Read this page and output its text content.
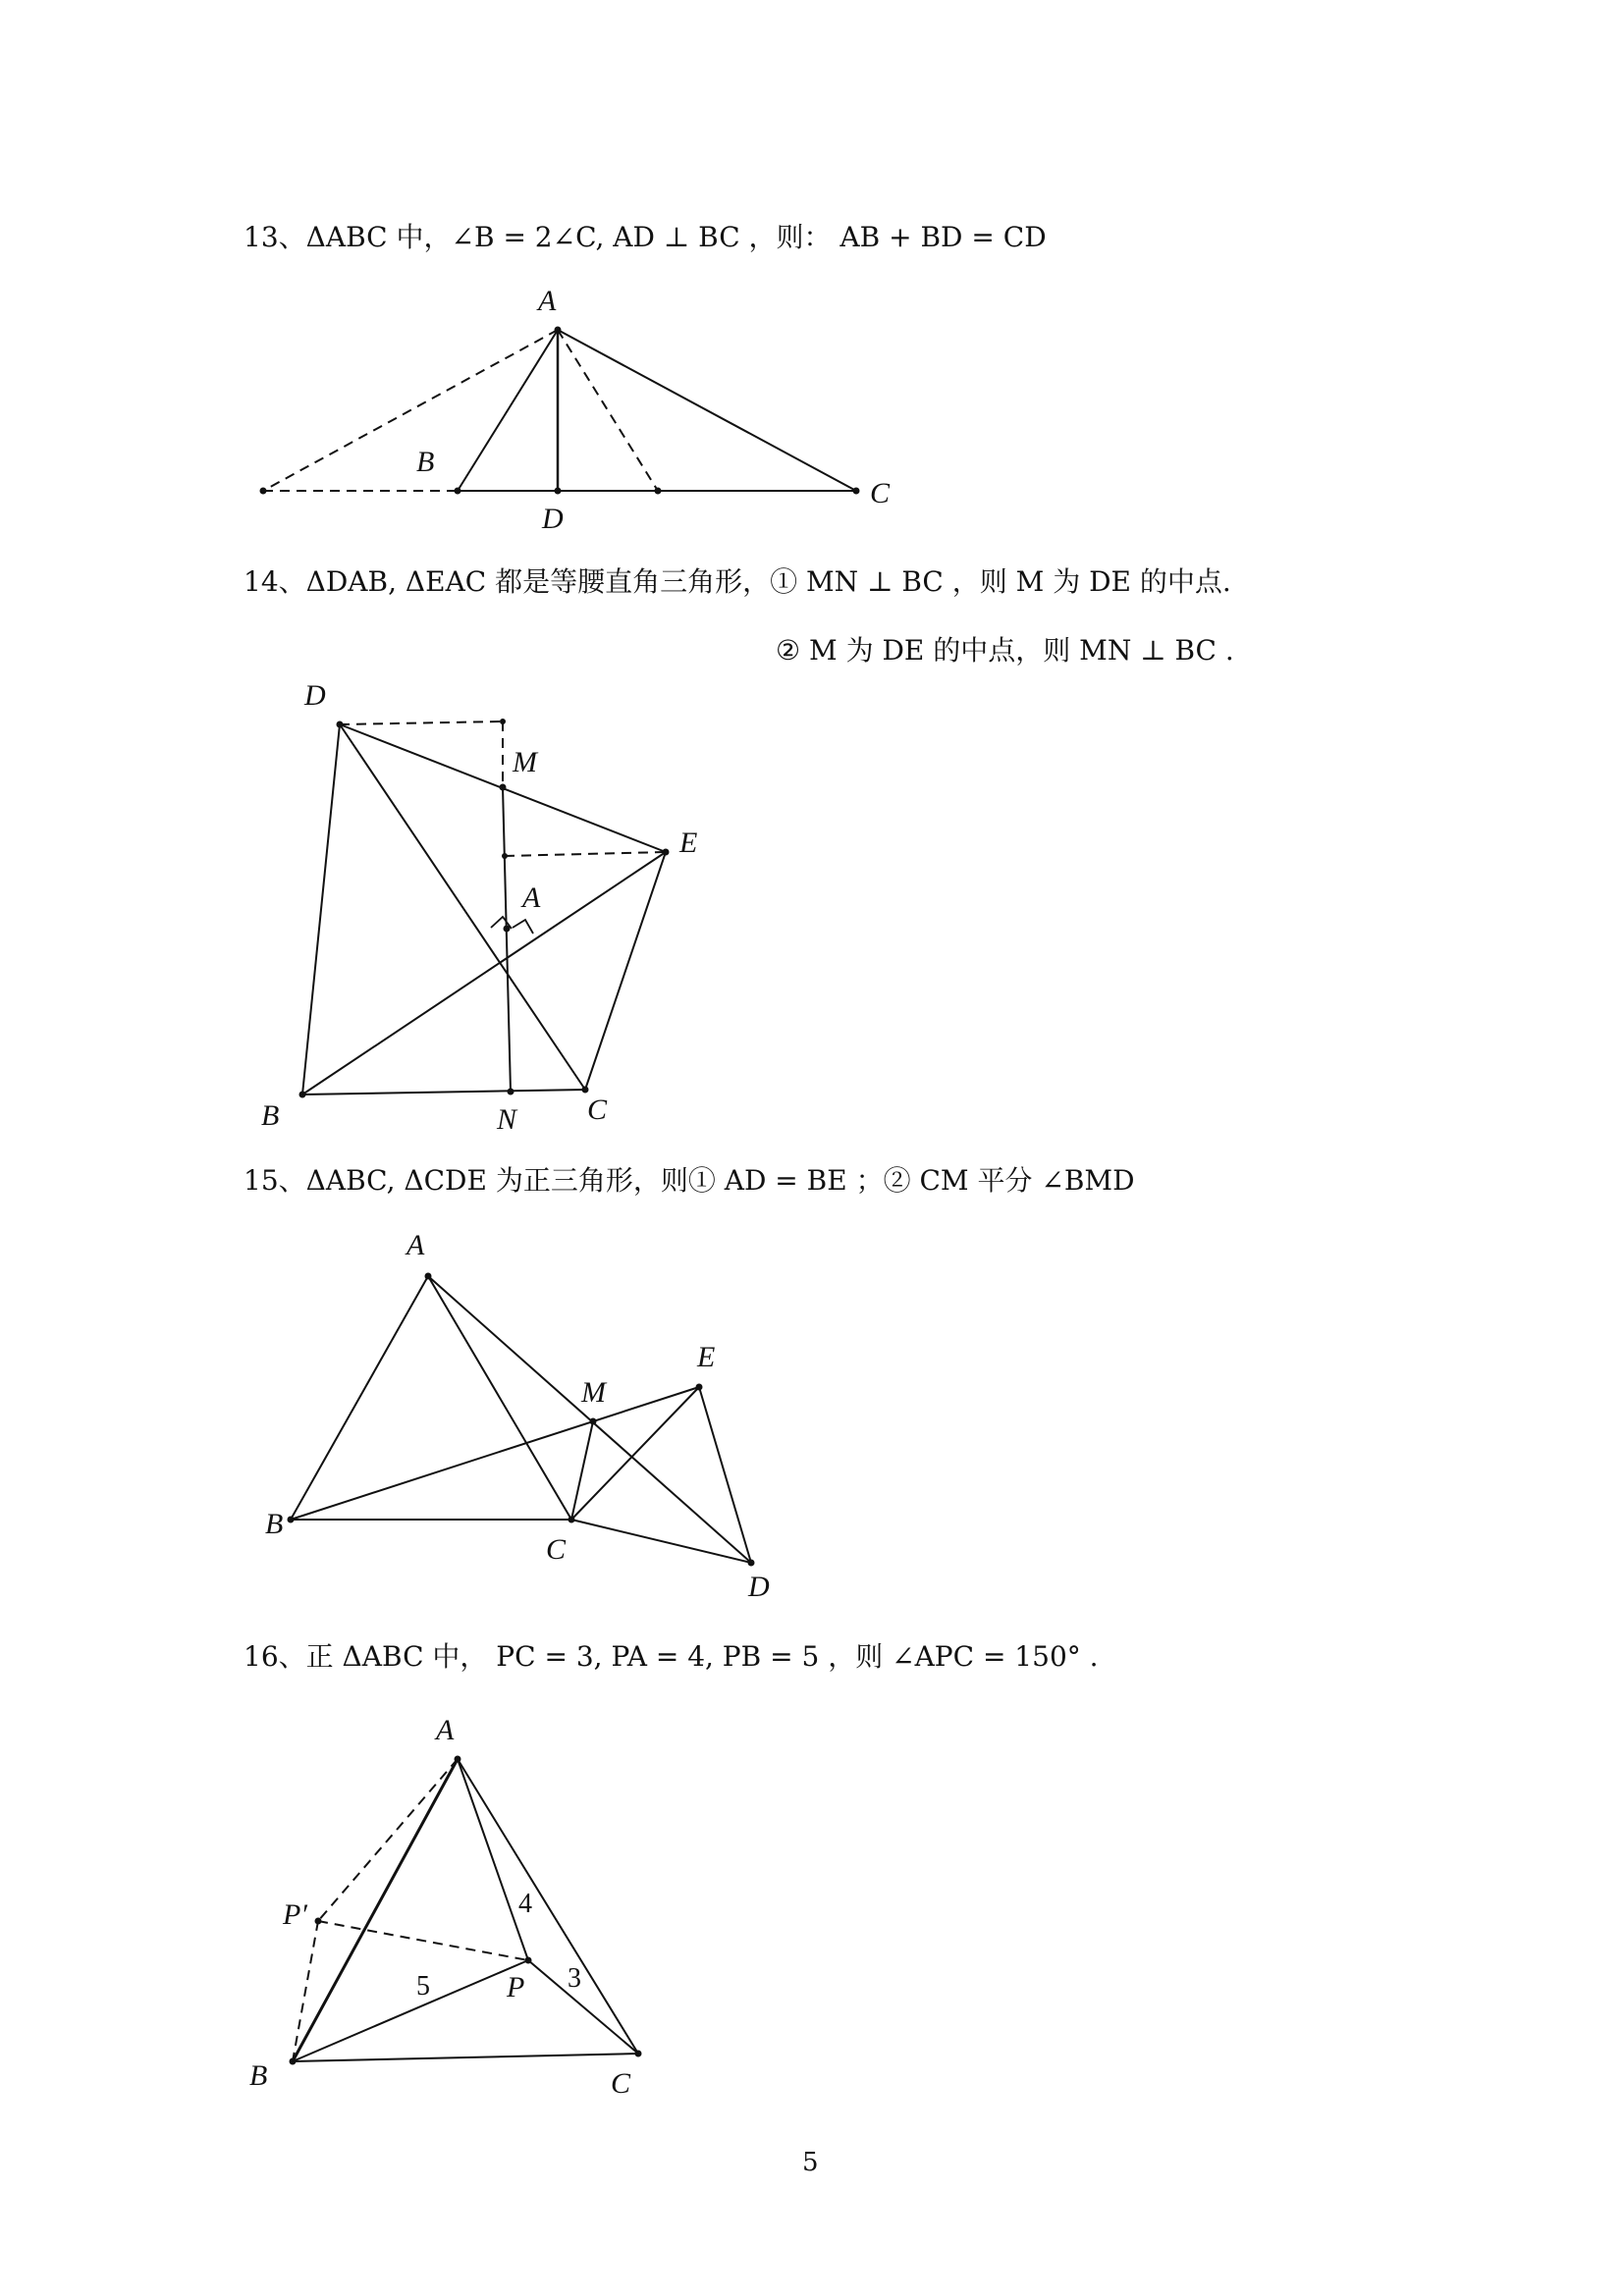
13、ΔABC 中，∠B = 2∠C, AD ⊥ BC ，则： AB + BD = CD
14、ΔDAB, ΔEAC 都是等腰直角三角形，① MN ⊥ BC ，则 M 为 DE 的中点.
② M 为 DE 的中点，则 MN ⊥ BC .
15、ΔABC, ΔCDE 为正三角形，则① AD = BE ；② CM 平分 ∠BMD
16、正 ΔABC 中， PC = 3, PA = 4, PB = 5 ，则 ∠APC = 150° .
A
B
D
C
D
M
E
A
B	N C
A
M
E
B
C
D
A
P′
P
B	C
4
5	3
5
